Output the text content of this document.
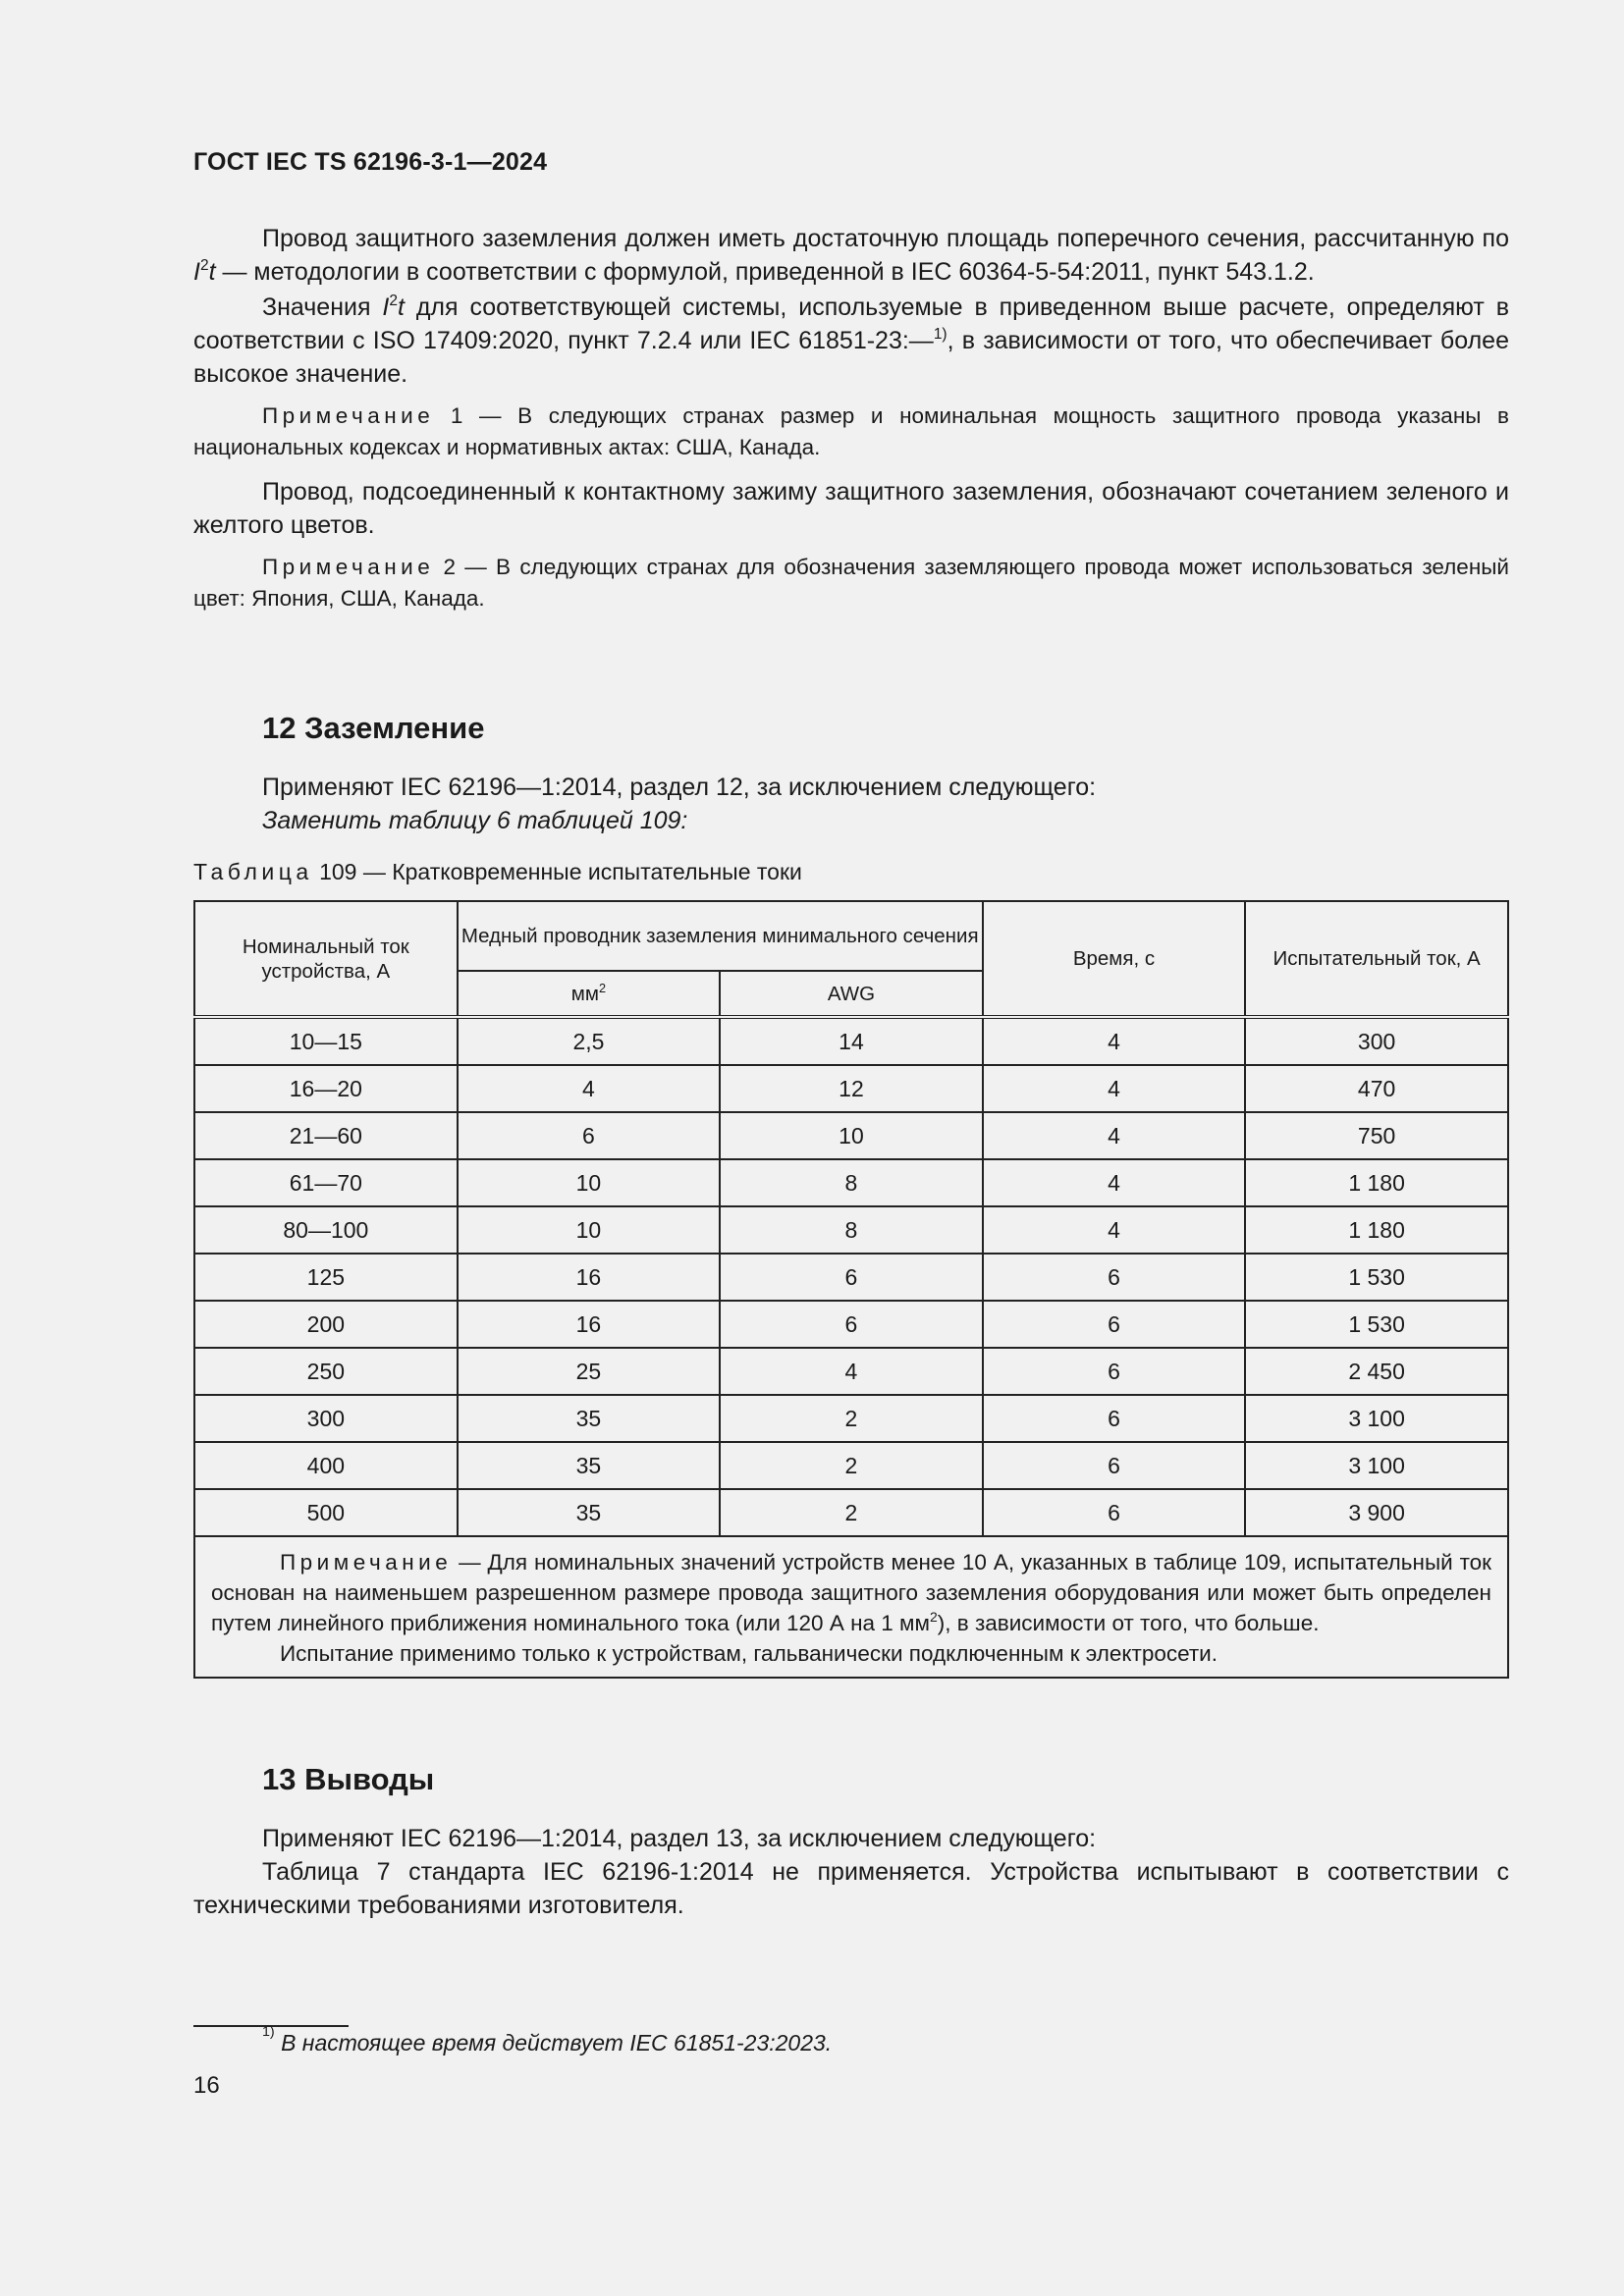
ГОСТ IEC TS 62196-3-1—2024

Провод защитного заземления должен иметь достаточную площадь поперечного сечения, рассчитанную по $I^2t$ — методологии в соответствии с формулой, приведенной в IEC 60364-5-54:2011, пункт 543.1.2.

Значения $I^2t$ для соответствующей системы, используемые в приведенном выше расчете, определяют в соответствии с ISO 17409:2020, пункт 7.2.4 или IEC 61851-23:—$^{1)}$, в зависимости от того, что обеспечивает более высокое значение.

Примечание 1 — В следующих странах размер и номинальная мощность защитного провода указаны в национальных кодексах и нормативных актах: США, Канада.

Провод, подсоединенный к контактному зажиму защитного заземления, обозначают сочетанием зеленого и желтого цветов.

Примечание 2 — В следующих странах для обозначения заземляющего провода может использоваться зеленый цвет: Япония, США, Канада.

12 Заземление
Применяют IEC 62196—1:2014, раздел 12, за исключением следующего:
Заменить таблицу 6 таблицей 109:
Таблица 109 — Кратковременные испытательные токи
Номинальный ток устройства, А	Медный проводник заземления минимального сечения		Время, с	Испытательный ток, А
	$мм^2$	AWG		
10—15	2,5	14	4	300
16—20	4	12	4	470
21—60	6	10	4	750
61—70	10	8	4	1 180
80—100	10	8	4	1 180
125	16	6	6	1 530
200	16	6	6	1 530
250	25	4	6	2 450
300	35	2	6	3 100
400	35	2	6	3 100
500	35	2	6	3 900

Примечание — Для номинальных значений устройств менее 10 А, указанных в таблице 109, испытательный ток основан на наименьшем разрешенном размере провода защитного заземления оборудования или может быть определен путем линейного приближения номинального тока (или 120 А на 1 $мм^2$), в зависимости от того, что больше.
Испытание применимо только к устройствам, гальванически подключенным к электросети.				
13 Выводы

Применяют IEC 62196—1:2014, раздел 13, за исключением следующего:

Таблица 7 стандарта IEC 62196-1:2014 не применяется. Устройства испытывают в соответствии с техническими требованиями изготовителя.

$^{1)}$ В настоящее время действует IEC 61851-23:2023.
16
